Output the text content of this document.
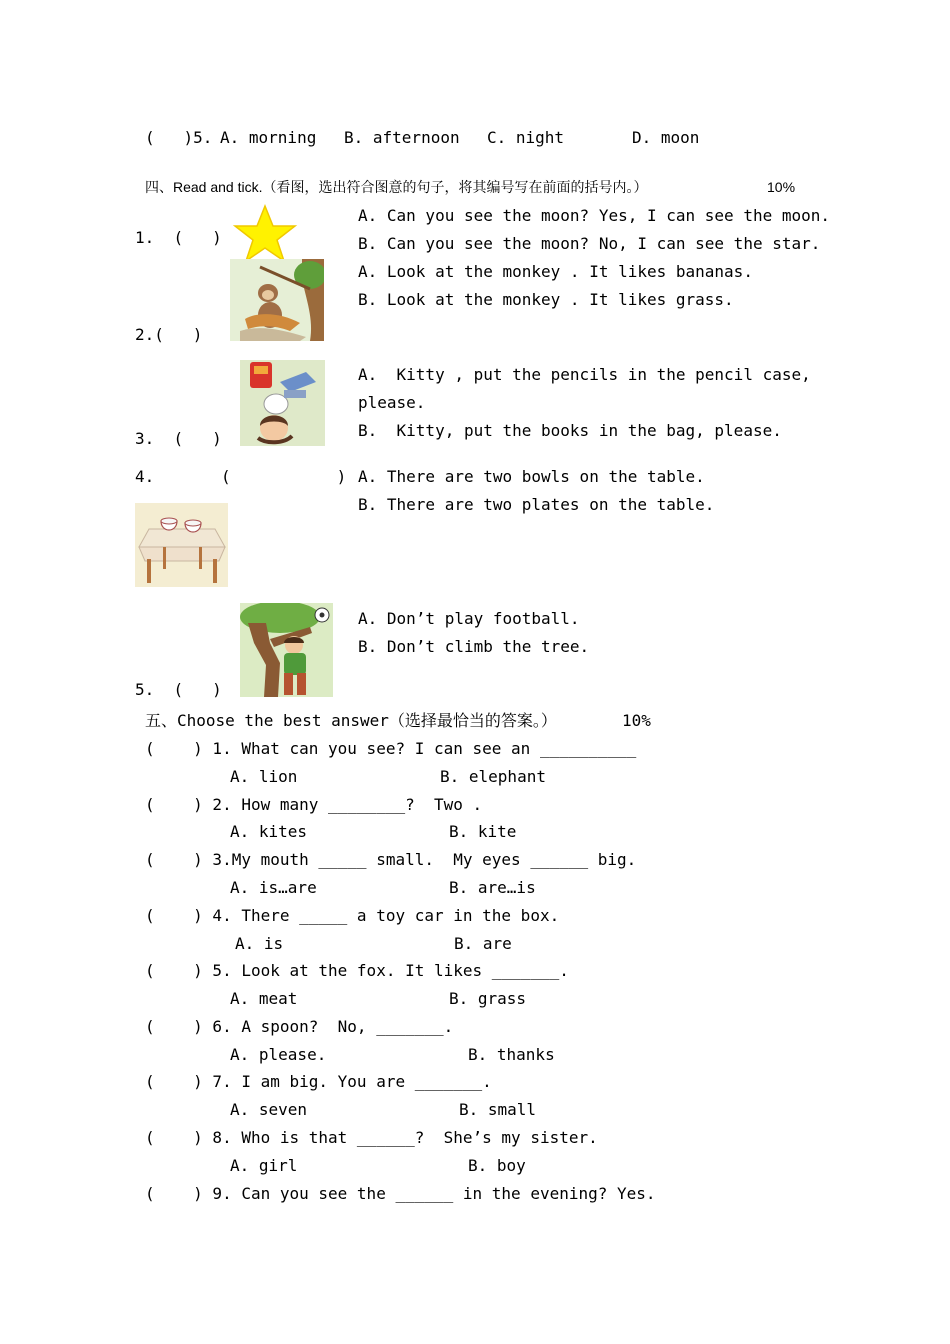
(   )5. A. morning B. afternoon C. night	D. moon
四、Read and tick.（看图，选出符合图意的句子，将其编号写在前面的括号内。）	10%
1.  (   )
A. Can you see the moon? Yes, I can see the moon.
B. Can you see the moon? No, I can see the star.
A. Look at the monkey . It likes bananas.
B. Look at the monkey . It likes grass.
2.(   )
A.  Kitty , put the pencils in the pencil case,
please.
B.  Kitty, put the books in the bag, please.
3.  (   )
4.	(           ) A. There are two bowls on the table.
B. There are two plates on the table.
A. Don’t play football.
B. Don’t climb the tree.
5.  (   )
五、Choose the best answer（选择最恰当的答案。）	10%
(    ) 1. What can you see? I can see an __________
A. lion	B. elephant
(    ) 2. How many ________?  Two .
A. kites	B. kite
(    ) 3.My mouth _____ small.  My eyes ______ big.
A. is…are	B. are…is
(    ) 4. There _____ a toy car in the box.
A. is	B. are
(    ) 5. Look at the fox. It likes _______.
A. meat	B. grass
(    ) 6. A spoon?  No, _______.
A. please.	B. thanks
(    ) 7. I am big. You are _______.
A. seven	B. small
(    ) 8. Who is that ______?  She’s my sister.
A. girl	B. boy
(    ) 9. Can you see the ______ in the evening? Yes.
